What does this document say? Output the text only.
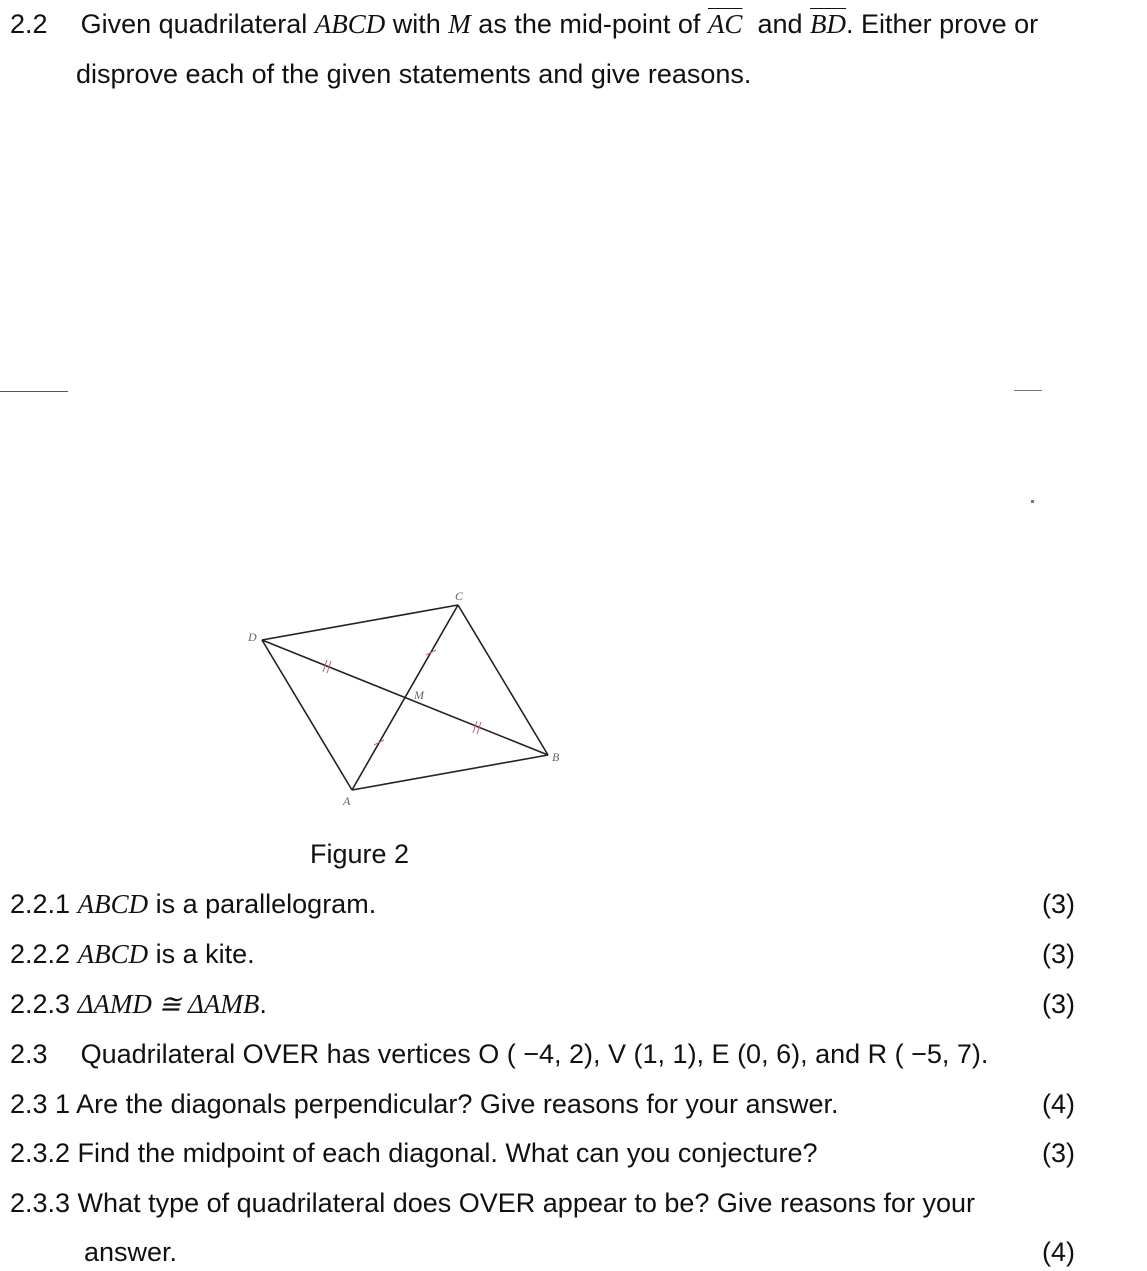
2.2 Given quadrilateral ABCD with M as the mid-point of $\overline{AC}$ and $\overline{BD}$. Either prove or
disprove each of the given statements and give reasons.
D
C
B
A
M
Figure 2
2.2.1 ABCD is a parallelogram.	(3)
2.2.2 ABCD is a kite.	(3)
2.2.3 ΔAMD ≅ ΔAMB.	(3)
2.3 Quadrilateral OVER has vertices O ( −4, 2), V (1, 1), E (0, 6), and R ( −5, 7).
2.3 1 Are the diagonals perpendicular? Give reasons for your answer.	(4)
2.3.2 Find the midpoint of each diagonal. What can you conjecture?	(3)
2.3.3 What type of quadrilateral does OVER appear to be? Give reasons for your
answer.	(4)
